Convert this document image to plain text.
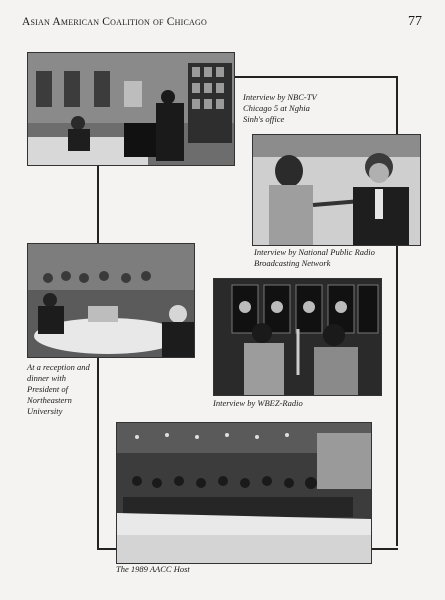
Asian American Coalition of Chicago	77
Interview by NBC-TV Chicago 5 at Nghia Sinh's office
Interview by National Public Radio Broadcasting Network
At a reception and dinner with President of Northeastern University
Interview by WBEZ-Radio
The 1989 AACC Host
